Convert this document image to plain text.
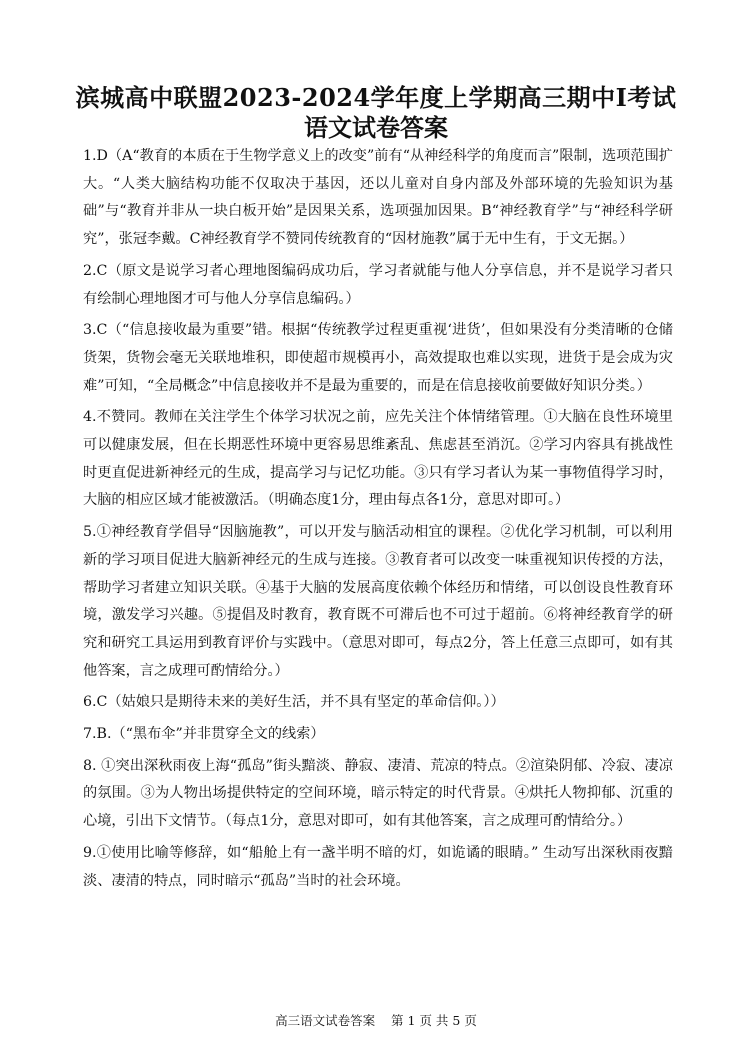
滨城高中联盟2023-2024学年度上学期高三期中Ⅰ考试
语文试卷答案

1.D（A“教育的本质在于生物学意义上的改变”前有“从神经科学的角度而言”限制，选项范围扩大。“人类大脑结构功能不仅取决于基因，还以儿童对自身内部及外部环境的先验知识为基础”与“教育并非从一块白板开始”是因果关系，选项强加因果。B“神经教育学”与“神经科学研究”，张冠李戴。C神经教育学不赞同传统教育的“因材施教”属于无中生有，于文无据。）

2.C（原文是说学习者心理地图编码成功后，学习者就能与他人分享信息，并不是说学习者只有绘制心理地图才可与他人分享信息编码。）

3.C（“信息接收最为重要”错。根据“传统教学过程更重视‘进货’，但如果没有分类清晰的仓储货架，货物会毫无关联地堆积，即使超市规模再小，高效提取也难以实现，进货于是会成为灾难”可知，“全局概念”中信息接收并不是最为重要的，而是在信息接收前要做好知识分类。）

4.不赞同。教师在关注学生个体学习状况之前，应先关注个体情绪管理。①大脑在良性环境里可以健康发展，但在长期恶性环境中更容易思维紊乱、焦虑甚至消沉。②学习内容具有挑战性时更直促进新神经元的生成，提高学习与记忆功能。③只有学习者认为某一事物值得学习时，大脑的相应区域才能被激活。（明确态度1分，理由每点各1分，意思对即可。）

5.①神经教育学倡导“因脑施教”，可以开发与脑活动相宜的课程。②优化学习机制，可以利用新的学习项目促进大脑新神经元的生成与连接。③教育者可以改变一味重视知识传授的方法，帮助学习者建立知识关联。④基于大脑的发展高度依赖个体经历和情绪，可以创设良性教育环境，激发学习兴趣。⑤提倡及时教育，教育既不可滞后也不可过于超前。⑥将神经教育学的研究和研究工具运用到教育评价与实践中。（意思对即可，每点2分，答上任意三点即可，如有其他答案，言之成理可酌情给分。）

6.C（姑娘只是期待未来的美好生活，并不具有坚定的革命信仰。））

7.B.（“黑布伞”并非贯穿全文的线索）

8. ①突出深秋雨夜上海“孤岛”街头黯淡、静寂、凄清、荒凉的特点。②渲染阴郁、冷寂、凄凉的氛围。③为人物出场提供特定的空间环境，暗示特定的时代背景。④烘托人物抑郁、沉重的心境，引出下文情节。（每点1分，意思对即可，如有其他答案，言之成理可酌情给分。）

9.①使用比喻等修辞，如“船舱上有一盏半明不暗的灯，如诡谲的眼睛。” 生动写出深秋雨夜黯淡、凄清的特点，同时暗示“孤岛”当时的社会环境。

高三语文试卷答案    第 1 页 共 5 页
